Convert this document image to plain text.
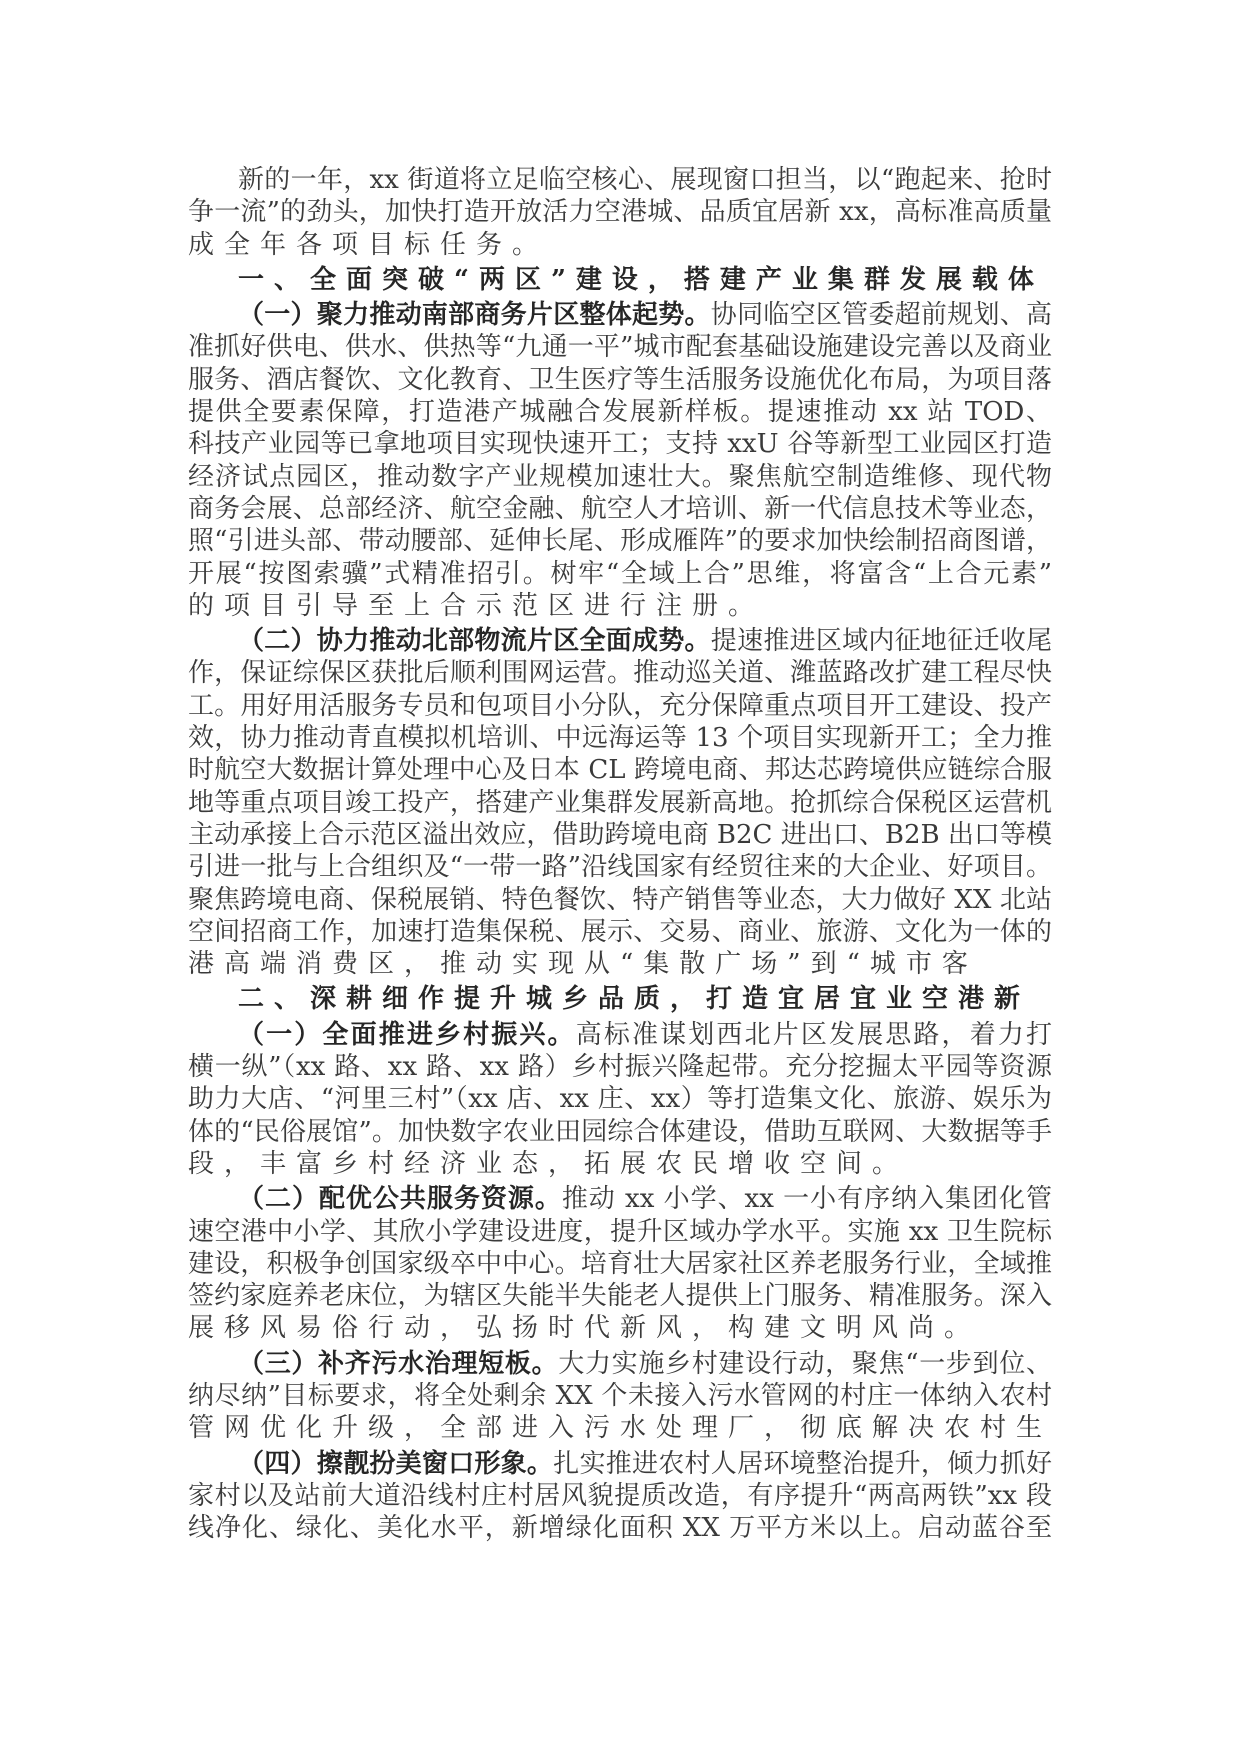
新的一年，xx 街道将立足临空核心、展现窗口担当，以“跑起来、抢时
争一流”的劲头，加快打造开放活力空港城、品质宜居新 xx，高标准高质量
成全年各项目标任务。
一、全面突破“两区”建设，搭建产业集群发展载体
（一）聚力推动南部商务片区整体起势。协同临空区管委超前规划、高
准抓好供电、供水、供热等“九通一平”城市配套基础设施建设完善以及商业
服务、酒店餐饮、文化教育、卫生医疗等生活服务设施优化布局，为项目落
提供全要素保障，打造港产城融合发展新样板。提速推动 xx 站 TOD、
科技产业园等已拿地项目实现快速开工；支持 xxU 谷等新型工业园区打造
经济试点园区，推动数字产业规模加速壮大。聚焦航空制造维修、现代物
商务会展、总部经济、航空金融、航空人才培训、新一代信息技术等业态，
照“引进头部、带动腰部、延伸长尾、形成雁阵”的要求加快绘制招商图谱，
开展“按图索骥”式精准招引。树牢“全域上合”思维，将富含“上合元素”
的项目引导至上合示范区进行注册。
（二）协力推动北部物流片区全面成势。提速推进区域内征地征迁收尾
作，保证综保区获批后顺利围网运营。推动巡关道、潍蓝路改扩建工程尽快
工。用好用活服务专员和包项目小分队，充分保障重点项目开工建设、投产
效，协力推动青直模拟机培训、中远海运等 13 个项目实现新开工；全力推
时航空大数据计算处理中心及日本 CL 跨境电商、邦达芯跨境供应链综合服
地等重点项目竣工投产，搭建产业集群发展新高地。抢抓综合保税区运营机
主动承接上合示范区溢出效应，借助跨境电商 B2C 进出口、B2B 出口等模
引进一批与上合组织及“一带一路”沿线国家有经贸往来的大企业、好项目。
聚焦跨境电商、保税展销、特色餐饮、特产销售等业态，大力做好 XX 北站
空间招商工作，加速打造集保税、展示、交易、商业、旅游、文化为一体的
港高端消费区，推动实现从“集散广场”到“城市客
二、深耕细作提升城乡品质，打造宜居宜业空港新
（一）全面推进乡村振兴。高标准谋划西北片区发展思路，着力打
横一纵”（xx 路、xx 路、xx 路）乡村振兴隆起带。充分挖掘太平园等资源
助力大店、“河里三村”（xx 店、xx 庄、xx）等打造集文化、旅游、娱乐为
体的“民俗展馆”。加快数字农业田园综合体建设，借助互联网、大数据等手
段，丰富乡村经济业态，拓展农民增收空间。
（二）配优公共服务资源。推动 xx 小学、xx 一小有序纳入集团化管
速空港中小学、其欣小学建设进度，提升区域办学水平。实施 xx 卫生院标
建设，积极争创国家级卒中中心。培育壮大居家社区养老服务行业，全域推
签约家庭养老床位，为辖区失能半失能老人提供上门服务、精准服务。深入
展移风易俗行动，弘扬时代新风，构建文明风尚。
（三）补齐污水治理短板。大力实施乡村建设行动，聚焦“一步到位、
纳尽纳”目标要求，将全处剩余 XX 个未接入污水管网的村庄一体纳入农村
管网优化升级，全部进入污水处理厂，彻底解决农村生
（四）擦靓扮美窗口形象。扎实推进农村人居环境整治提升，倾力抓好
家村以及站前大道沿线村庄村居风貌提质改造，有序提升“两高两铁”xx 段
线净化、绿化、美化水平，新增绿化面积 XX 万平方米以上。启动蓝谷至
